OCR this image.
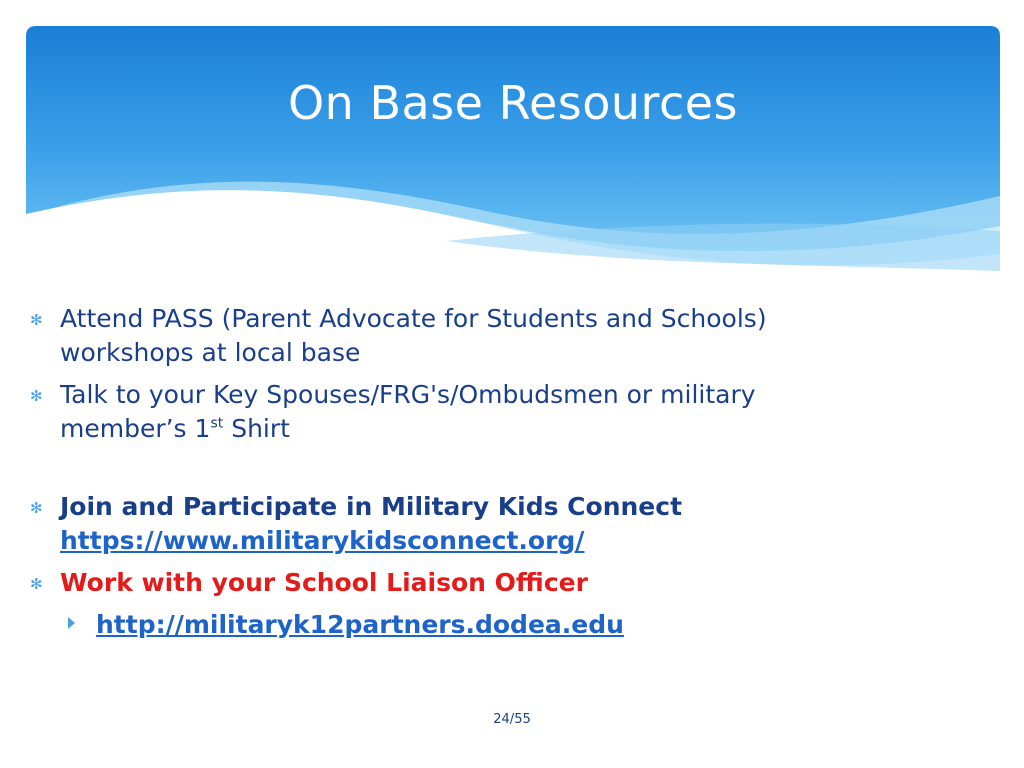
On Base Resources
✻ Attend PASS (Parent Advocate for Students and Schools)
workshops at local base
✻ Talk to your Key Spouses/FRG's/Ombudsmen or military
member’s 1st Shirt
✻ Join and Participate in Military Kids Connect
https://www.militarykidsconnect.org/
✻ Work with your School Liaison Officer
http://militaryk12partners.dodea.edu
24/55
